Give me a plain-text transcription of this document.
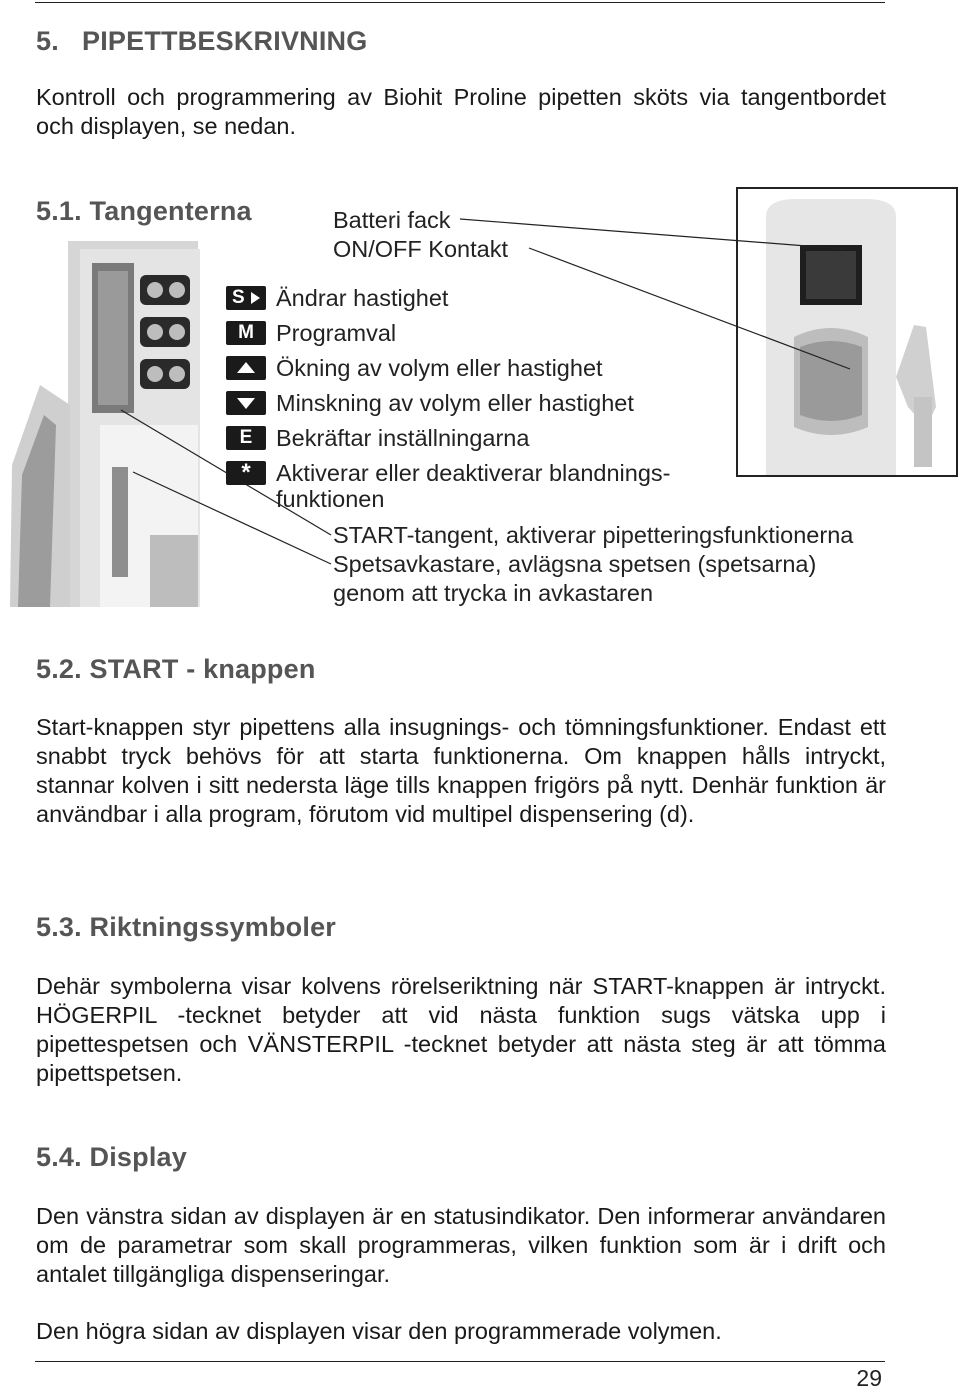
5.   PIPETTBESKRIVNING

Kontroll och programmering av Biohit Proline pipetten sköts via tangentbordet och displayen, se nedan.

5.1. Tangenterna	Batteri fack
ON/OFF Kontakt
S Ändrar hastighet
M Programval
Ökning av volym eller hastighet
Minskning av volym eller hastighet
E	Bekräftar inställningarna
*	Aktiverar eller deaktiverar blandnings-
funktionen
START-tangent, aktiverar pipetteringsfunktionerna
Spetsavkastare, avlägsna spetsen (spetsarna)
genom att trycka in avkastaren
5.2. START - knappen

Start-knappen styr pipettens alla insugnings- och tömningsfunktioner. Endast ett snabbt tryck behövs för att starta funktionerna. Om knappen hålls intryckt, stannar kolven i sitt nedersta läge tills knappen frigörs på nytt. Denhär funktion är användbar i alla program, förutom vid multipel dispensering (d).

5.3. Riktningssymboler

Dehär symbolerna visar kolvens rörelseriktning när START-knappen är intryckt. HÖGERPIL -tecknet betyder att vid nästa funktion sugs vätska upp i pipettespetsen och VÄNSTERPIL -tecknet betyder att nästa steg är att tömma pipettspetsen.

5.4. Display

Den vänstra sidan av displayen är en statusindikator. Den informerar användaren om de parametrar som skall programmeras, vilken funktion som är i drift och antalet tillgängliga dispenseringar.

Den högra sidan av displayen visar den programmerade volymen.

29
